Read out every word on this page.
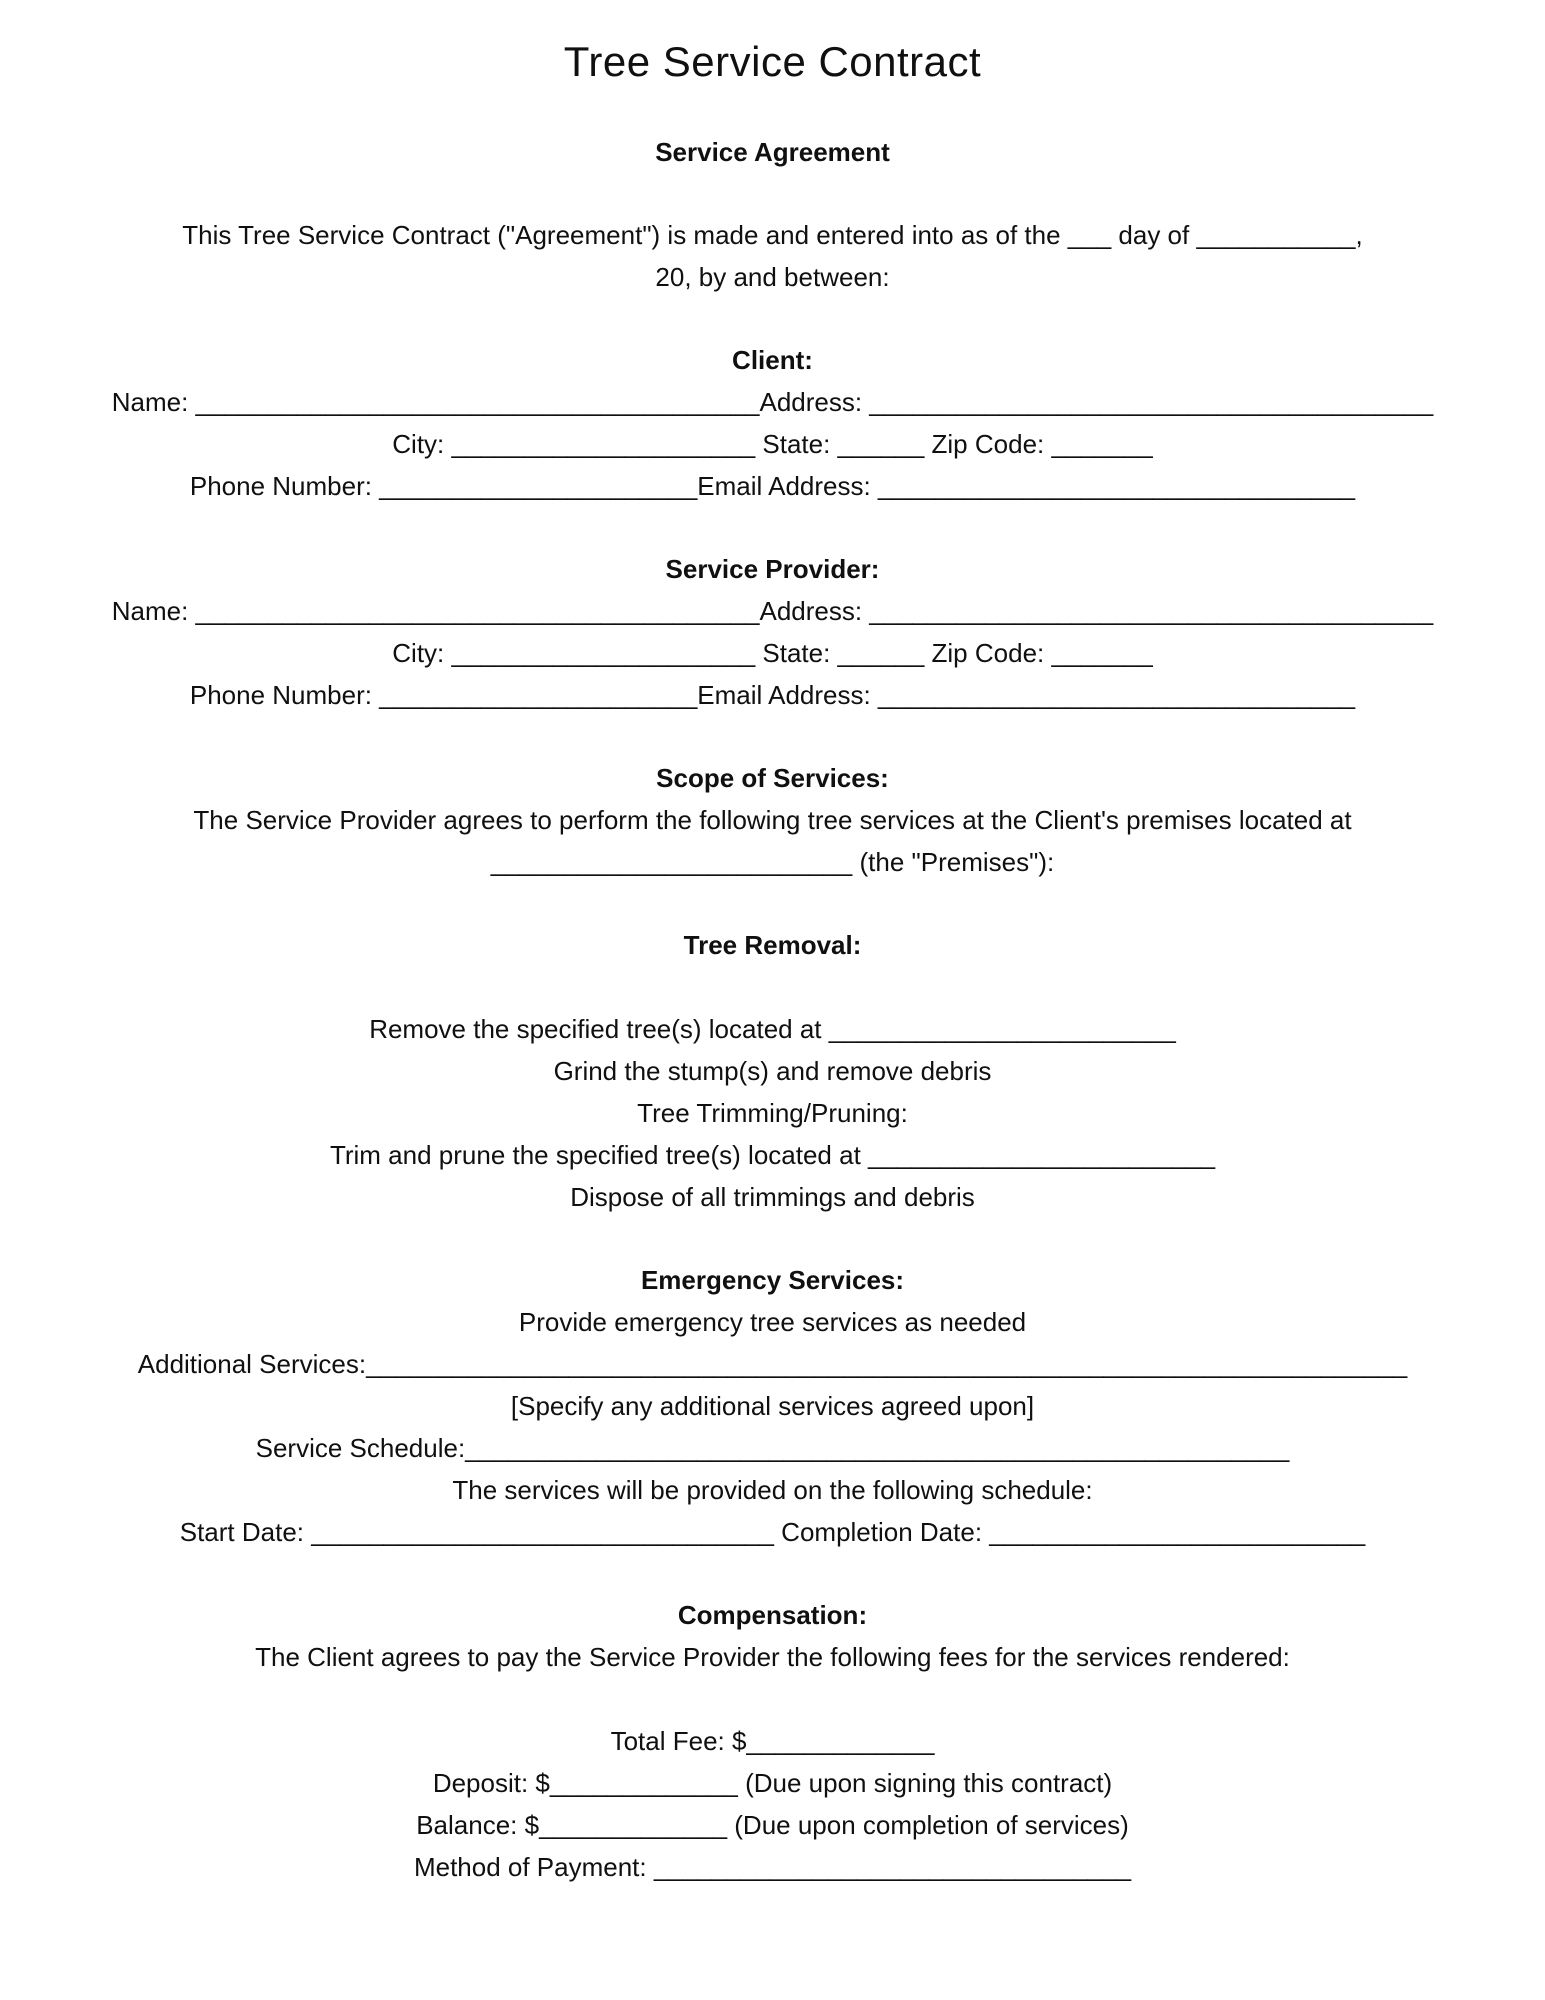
Tree Service Contract
Service Agreement
This Tree Service Contract ("Agreement") is made and entered into as of the ___ day of ___________,
20, by and between:
Client:
Name: _______________________________________Address: _______________________________________
City: _____________________ State: ______ Zip Code: _______
Phone Number: ______________________Email Address: _________________________________
Service Provider:
Name: _______________________________________Address: _______________________________________
City: _____________________ State: ______ Zip Code: _______
Phone Number: ______________________Email Address: _________________________________
Scope of Services:
The Service Provider agrees to perform the following tree services at the Client's premises located at
_________________________ (the "Premises"):
Tree Removal:
Remove the specified tree(s) located at ________________________
Grind the stump(s) and remove debris
Tree Trimming/Pruning:
Trim and prune the specified tree(s) located at ________________________
Dispose of all trimmings and debris
Emergency Services:
Provide emergency tree services as needed
Additional Services:________________________________________________________________________
[Specify any additional services agreed upon]
Service Schedule:_________________________________________________________
The services will be provided on the following schedule:
Start Date: ________________________________ Completion Date: __________________________
Compensation:
The Client agrees to pay the Service Provider the following fees for the services rendered:
Total Fee: $_____________
Deposit: $_____________ (Due upon signing this contract)
Balance: $_____________ (Due upon completion of services)
Method of Payment: _________________________________
